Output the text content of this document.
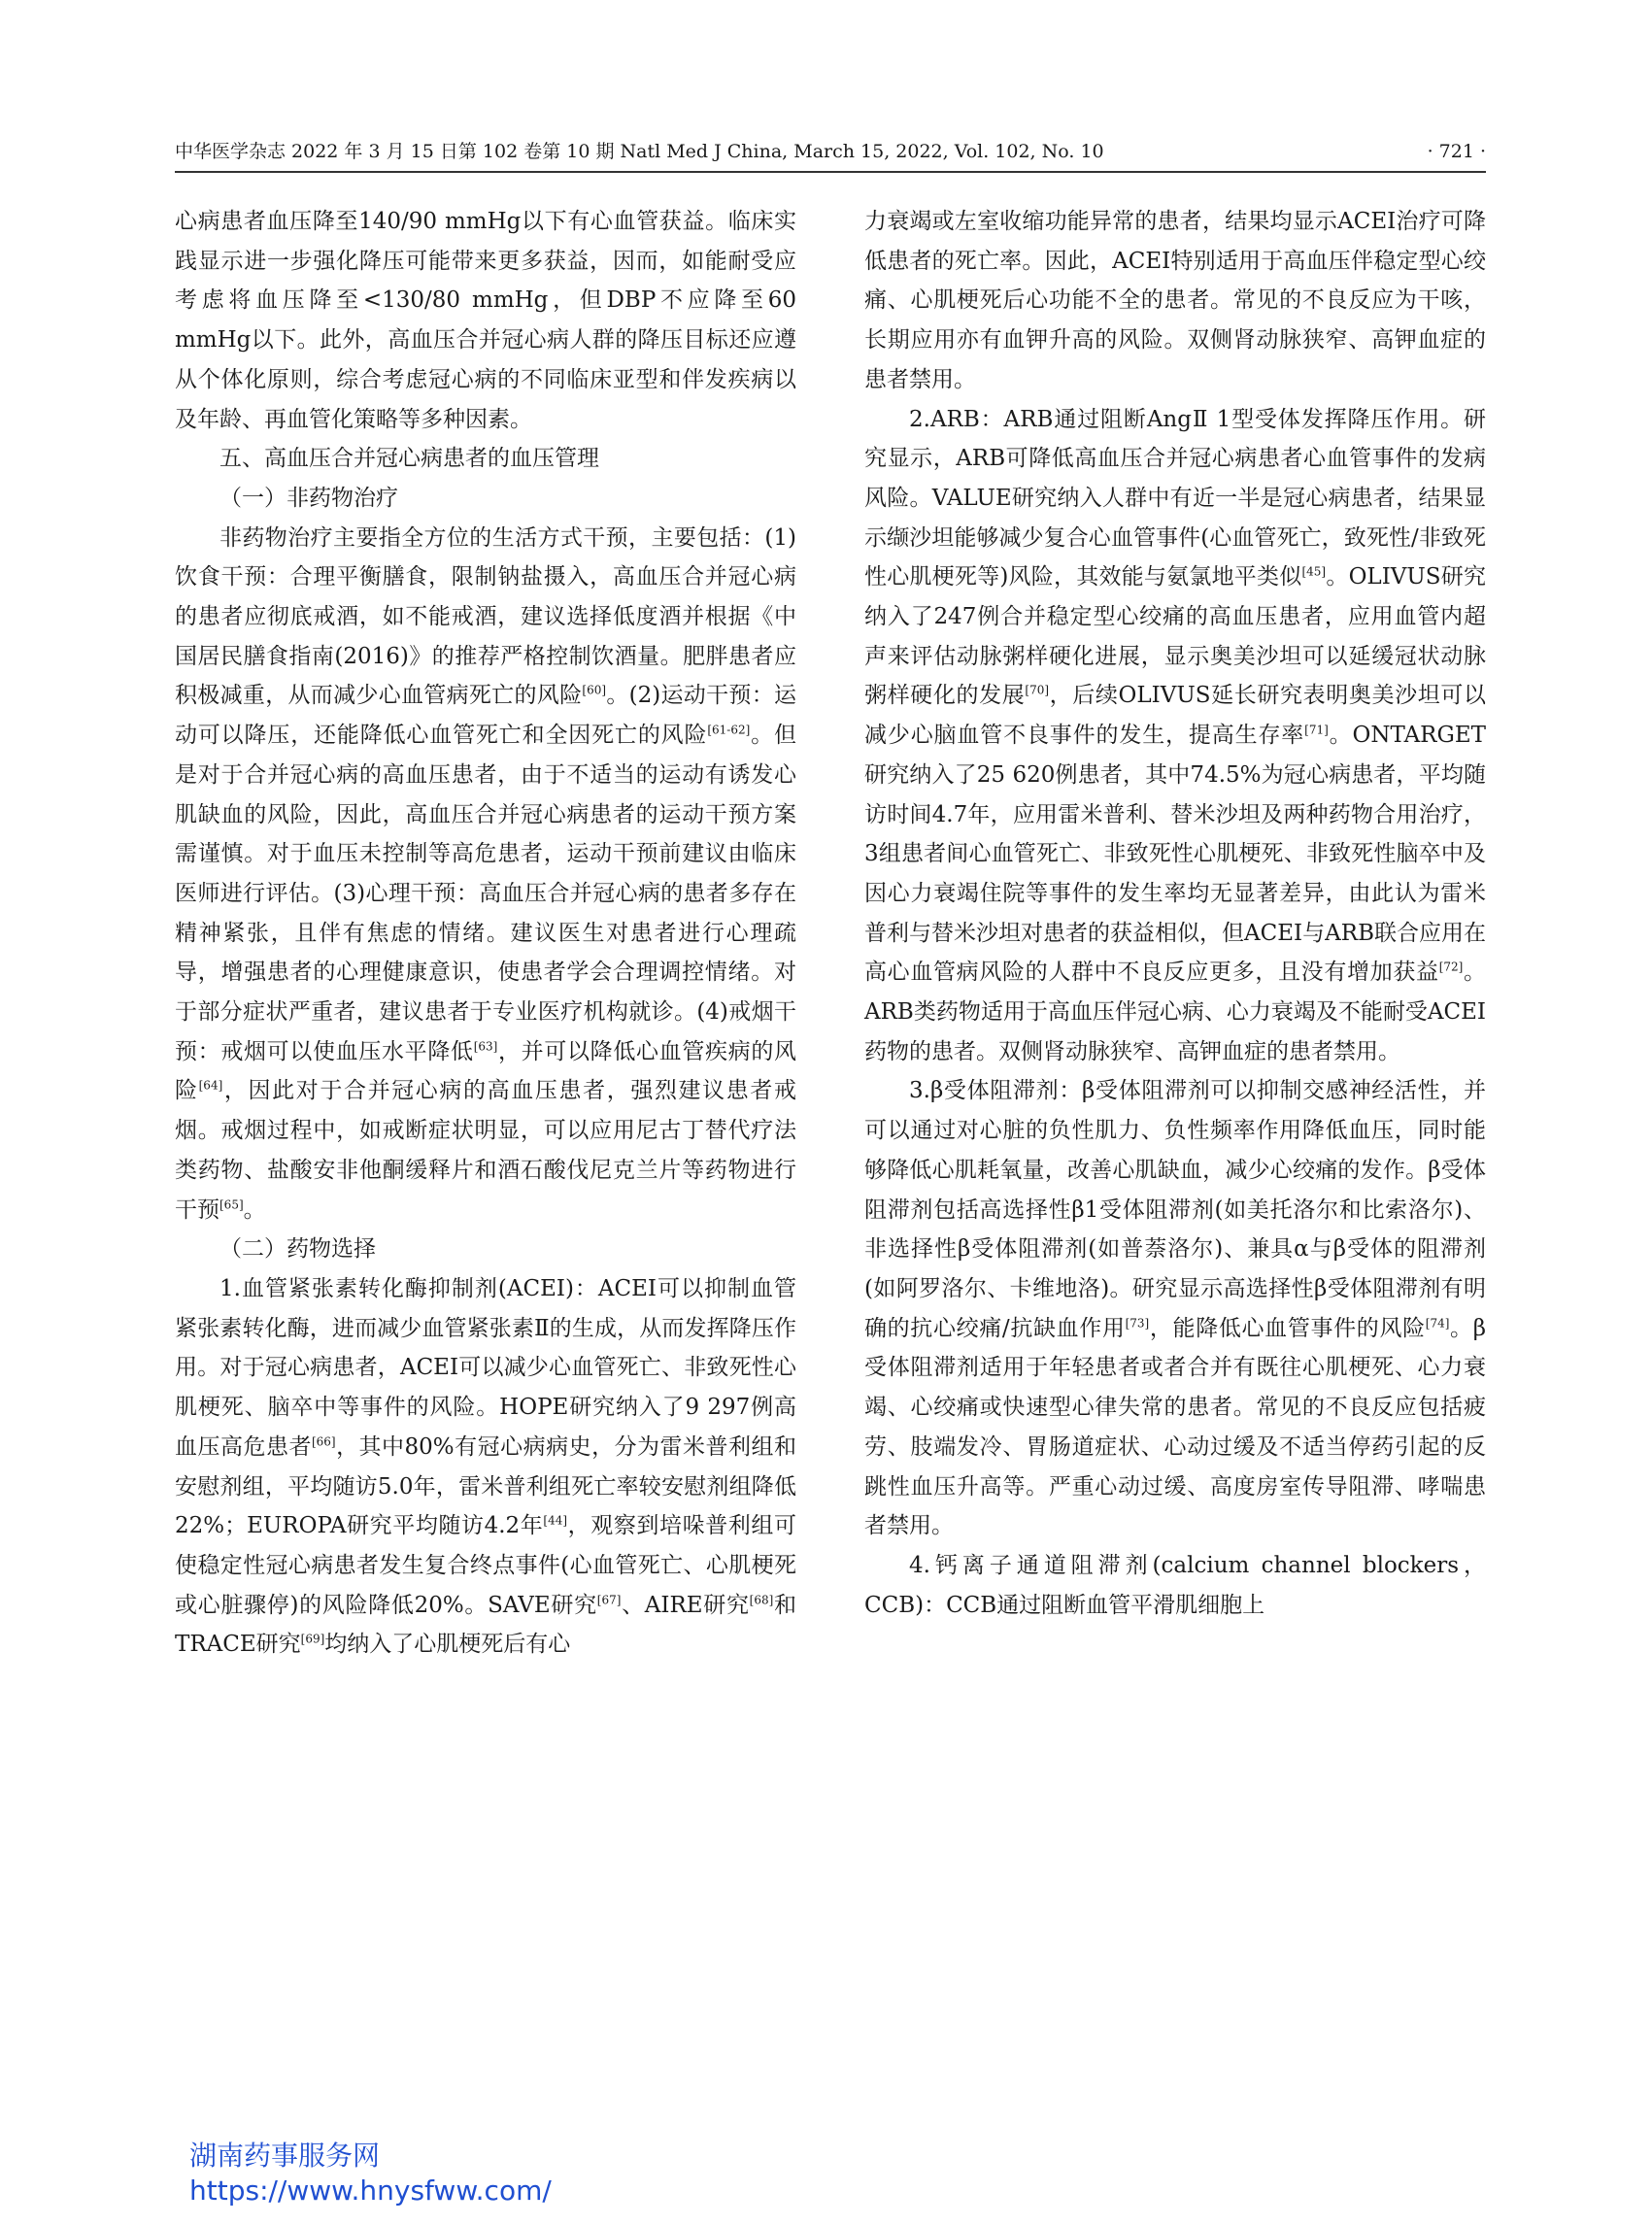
中华医学杂志 2022 年 3 月 15 日第 102 卷第 10 期 Natl Med J China, March 15, 2022, Vol. 102, No. 10	· 721 ·

心病患者血压降至140/90 mmHg以下有心血管获益。临床实践显示进一步强化降压可能带来更多获益，因而，如能耐受应考虑将血压降至<130/80 mmHg，但DBP不应降至60 mmHg以下。此外，高血压合并冠心病人群的降压目标还应遵从个体化原则，综合考虑冠心病的不同临床亚型和伴发疾病以及年龄、再血管化策略等多种因素。

五、高血压合并冠心病患者的血压管理

（一）非药物治疗

非药物治疗主要指全方位的生活方式干预，主要包括：(1)饮食干预：合理平衡膳食，限制钠盐摄入，高血压合并冠心病的患者应彻底戒酒，如不能戒酒，建议选择低度酒并根据《中国居民膳食指南(2016)》的推荐严格控制饮酒量。肥胖患者应积极减重，从而减少心血管病死亡的风险[60]。(2)运动干预：运动可以降压，还能降低心血管死亡和全因死亡的风险[61-62]。但是对于合并冠心病的高血压患者，由于不适当的运动有诱发心肌缺血的风险，因此，高血压合并冠心病患者的运动干预方案需谨慎。对于血压未控制等高危患者，运动干预前建议由临床医师进行评估。(3)心理干预：高血压合并冠心病的患者多存在精神紧张，且伴有焦虑的情绪。建议医生对患者进行心理疏导，增强患者的心理健康意识，使患者学会合理调控情绪。对于部分症状严重者，建议患者于专业医疗机构就诊。(4)戒烟干预：戒烟可以使血压水平降低[63]，并可以降低心血管疾病的风险[64]，因此对于合并冠心病的高血压患者，强烈建议患者戒烟。戒烟过程中，如戒断症状明显，可以应用尼古丁替代疗法类药物、盐酸安非他酮缓释片和酒石酸伐尼克兰片等药物进行干预[65]。

（二）药物选择

1.血管紧张素转化酶抑制剂(ACEI)：ACEI可以抑制血管紧张素转化酶，进而减少血管紧张素Ⅱ的生成，从而发挥降压作用。对于冠心病患者，ACEI可以减少心血管死亡、非致死性心肌梗死、脑卒中等事件的风险。HOPE研究纳入了9 297例高血压高危患者[66]，其中80%有冠心病病史，分为雷米普利组和安慰剂组，平均随访5.0年，雷米普利组死亡率较安慰剂组降低22%；EUROPA研究平均随访4.2年[44]，观察到培哚普利组可使稳定性冠心病患者发生复合终点事件(心血管死亡、心肌梗死或心脏骤停)的风险降低20%。SAVE研究[67]、AIRE研究[68]和TRACE研究[69]均纳入了心肌梗死后有心

力衰竭或左室收缩功能异常的患者，结果均显示ACEI治疗可降低患者的死亡率。因此，ACEI特别适用于高血压伴稳定型心绞痛、心肌梗死后心功能不全的患者。常见的不良反应为干咳，长期应用亦有血钾升高的风险。双侧肾动脉狭窄、高钾血症的患者禁用。

2.ARB：ARB通过阻断AngⅡ 1型受体发挥降压作用。研究显示，ARB可降低高血压合并冠心病患者心血管事件的发病风险。VALUE研究纳入人群中有近一半是冠心病患者，结果显示缬沙坦能够减少复合心血管事件(心血管死亡，致死性/非致死性心肌梗死等)风险，其效能与氨氯地平类似[45]。OLIVUS研究纳入了247例合并稳定型心绞痛的高血压患者，应用血管内超声来评估动脉粥样硬化进展，显示奥美沙坦可以延缓冠状动脉粥样硬化的发展[70]，后续OLIVUS延长研究表明奥美沙坦可以减少心脑血管不良事件的发生，提高生存率[71]。ONTARGET研究纳入了25 620例患者，其中74.5%为冠心病患者，平均随访时间4.7年，应用雷米普利、替米沙坦及两种药物合用治疗，3组患者间心血管死亡、非致死性心肌梗死、非致死性脑卒中及因心力衰竭住院等事件的发生率均无显著差异，由此认为雷米普利与替米沙坦对患者的获益相似，但ACEI与ARB联合应用在高心血管病风险的人群中不良反应更多，且没有增加获益[72]。ARB类药物适用于高血压伴冠心病、心力衰竭及不能耐受ACEI药物的患者。双侧肾动脉狭窄、高钾血症的患者禁用。

3.β受体阻滞剂：β受体阻滞剂可以抑制交感神经活性，并可以通过对心脏的负性肌力、负性频率作用降低血压，同时能够降低心肌耗氧量，改善心肌缺血，减少心绞痛的发作。β受体阻滞剂包括高选择性β1受体阻滞剂(如美托洛尔和比索洛尔)、非选择性β受体阻滞剂(如普萘洛尔)、兼具α与β受体的阻滞剂(如阿罗洛尔、卡维地洛)。研究显示高选择性β受体阻滞剂有明确的抗心绞痛/抗缺血作用[73]，能降低心血管事件的风险[74]。β受体阻滞剂适用于年轻患者或者合并有既往心肌梗死、心力衰竭、心绞痛或快速型心律失常的患者。常见的不良反应包括疲劳、肢端发冷、胃肠道症状、心动过缓及不适当停药引起的反跳性血压升高等。严重心动过缓、高度房室传导阻滞、哮喘患者禁用。

4.钙离子通道阻滞剂(calcium channel blockers，CCB)：CCB通过阻断血管平滑肌细胞上

湖南药事服务网
https://www.hnysfww.com/
